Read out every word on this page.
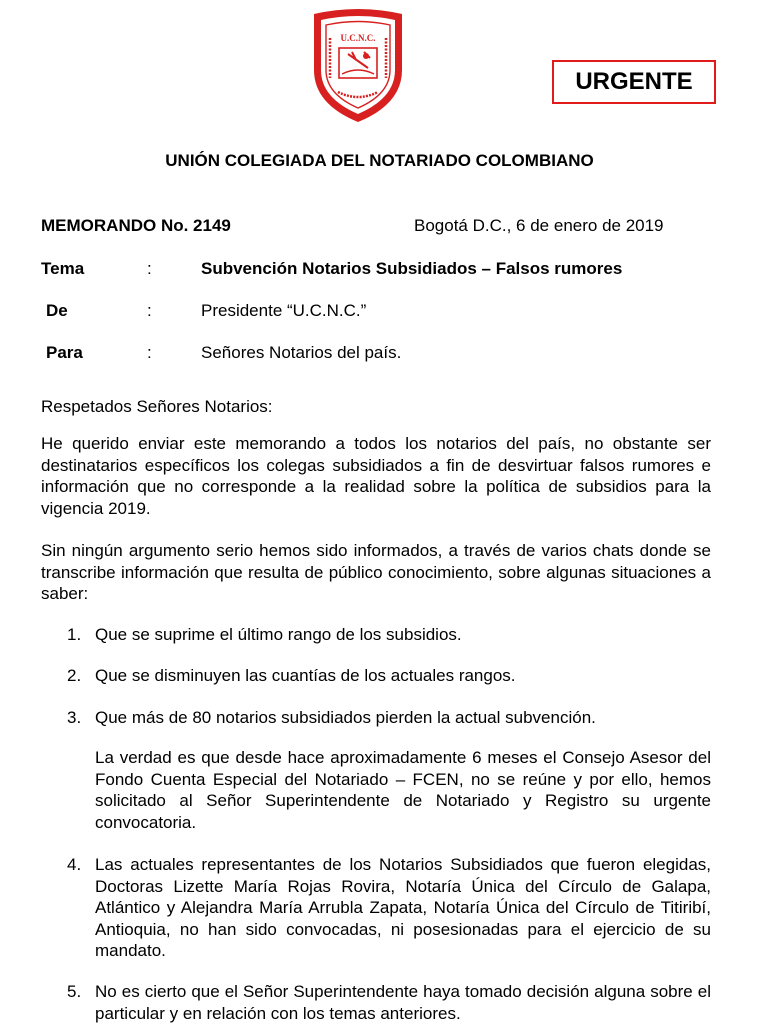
U.C.N.C.
URGENTE
UNIÓN COLEGIADA DEL NOTARIADO COLOMBIANO
MEMORANDO No. 2149	Bogotá D.C., 6 de enero de 2019
Tema	:	Subvención Notarios Subsidiados – Falsos rumores
De	:	Presidente “U.C.N.C.”
Para	:	Señores Notarios del país.
Respetados Señores Notarios:
He querido enviar este memorando a todos los notarios del país, no obstante ser destinatarios específicos los colegas subsidiados a fin de desvirtuar falsos rumores e información que no corresponde a la realidad sobre la política de subsidios para la vigencia 2019.
Sin ningún argumento serio hemos sido informados, a través de varios chats donde se transcribe información que resulta de público conocimiento, sobre algunas situaciones a saber:
1. Que se suprime el último rango de los subsidios.
2. Que se disminuyen las cuantías de los actuales rangos.
3. Que más de 80 notarios subsidiados pierden la actual subvención.
La verdad es que desde hace aproximadamente 6 meses el Consejo Asesor del Fondo Cuenta Especial del Notariado – FCEN, no se reúne y por ello, hemos solicitado al Señor Superintendente de Notariado y Registro su urgente convocatoria.
4. Las actuales representantes de los Notarios Subsidiados que fueron elegidas, Doctoras Lizette María Rojas Rovira, Notaría Única del Círculo de Galapa, Atlántico y Alejandra María Arrubla Zapata, Notaría Única del Círculo de Titiribí, Antioquia, no han sido convocadas, ni posesionadas para el ejercicio de su mandato.
5. No es cierto que el Señor Superintendente haya tomado decisión alguna sobre el particular y en relación con los temas anteriores.
